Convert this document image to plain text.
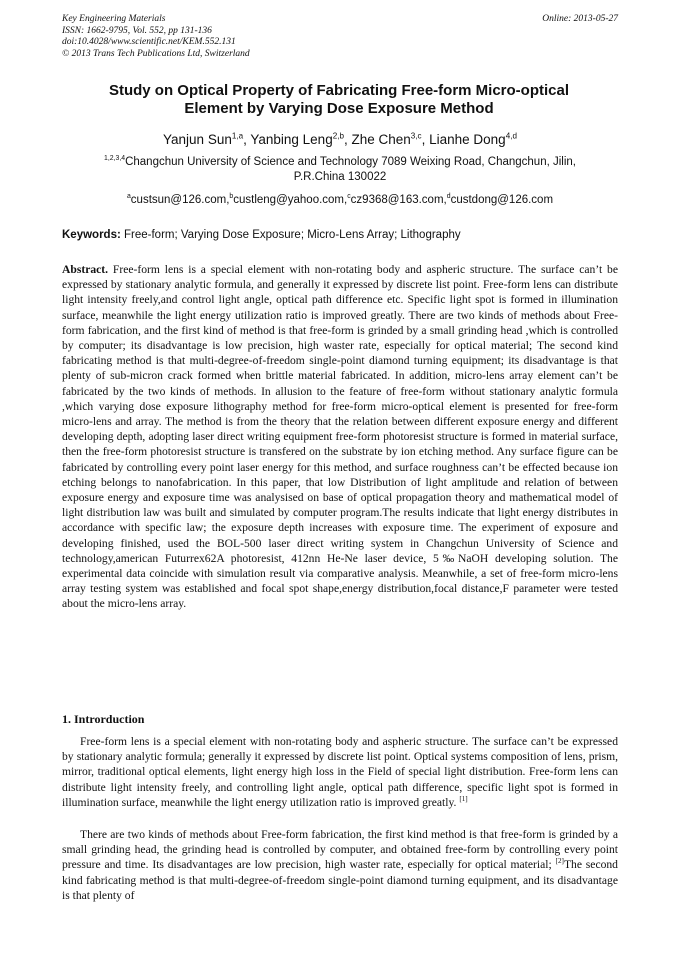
Key Engineering Materials
ISSN: 1662-9795, Vol. 552, pp 131-136
doi:10.4028/www.scientific.net/KEM.552.131
© 2013 Trans Tech Publications Ltd, Switzerland
Online: 2013-05-27
Study on Optical Property of Fabricating Free-form Micro-optical
Element by Varying Dose Exposure Method
Yanjun Sun$^{1,a}$, Yanbing Leng$^{2,b}$, Zhe Chen$^{3,c}$, Lianhe Dong$^{4,d}$
$^{1,2,3,4}$Changchun University of Science and Technology 7089 Weixing Road, Changchun, Jilin,
P.R.China 130022
$^a$custsun@126.com,$^b$custleng@yahoo.com,$^c$cz9368@163.com,$^d$custdong@126.com
Keywords: Free-form; Varying Dose Exposure; Micro-Lens Array; Lithography

Abstract. Free-form lens is a special element with non-rotating body and aspheric structure. The surface can’t be expressed by stationary analytic formula, and generally it expressed by discrete list point. Free-form lens can distribute light intensity freely,and control light angle, optical path difference etc. Specific light spot is formed in illumination surface, meanwhile the light energy utilization ratio is improved greatly. There are two kinds of methods about Free-form fabrication, and the first kind of method is that free-form is grinded by a small grinding head ,which is controlled by computer; its disadvantage is low precision, high waster rate, especially for optical material; The second kind fabricating method is that multi-degree-of-freedom single-point diamond turning equipment; its disadvantage is that plenty of sub-micron crack formed when brittle material fabricated. In addition, micro-lens array element can’t be fabricated by the two kinds of methods. In allusion to the feature of free-form without stationary analytic formula ,which varying dose exposure lithography method for free-form micro-optical element is presented for free-form micro-lens and array. The method is from the theory that the relation between different exposure energy and different developing depth, adopting laser direct writing equipment free-form photoresist structure is formed in material surface, then the free-form photoresist structure is transfered on the substrate by ion etching method. Any surface figure can be fabricated by controlling every point laser energy for this method, and surface roughness can’t be effected because ion etching belongs to nanofabrication. In this paper, that low Distribution of light amplitude and relation of between exposure energy and exposure time was analysised on base of optical propagation theory and mathematical model of light distribution law was built and simulated by computer program.The results indicate that light energy distributes in accordance with specific law; the exposure depth increases with exposure time. The experiment of exposure and developing finished, used the BOL-500 laser direct writing system in Changchun University of Science and technology,american Futurrex62A photoresist, 412nn He-Ne laser device, 5‰NaOH developing solution. The experimental data coincide with simulation result via comparative analysis. Meanwhile, a set of free-form micro-lens array testing system was established and focal spot shape,energy distribution,focal distance,F parameter were tested about the micro-lens array.

1. Introrduction

Free-form lens is a special element with non-rotating body and aspheric structure. The surface can’t be expressed by stationary analytic formula; generally it expressed by discrete list point. Optical systems composition of lens, prism, mirror, traditional optical elements, light energy high loss in the Field of special light distribution. Free-form lens can distribute light intensity freely, and controlling light angle, optical path difference, specific light spot is formed in illumination surface, meanwhile the light energy utilization ratio is improved greatly. [1]

There are two kinds of methods about Free-form fabrication, the first kind method is that free-form is grinded by a small grinding head, the grinding head is controlled by computer, and obtained free-form by controlling every point pressure and time. Its disadvantages are low precision, high waster rate, especially for optical material; [2]The second kind fabricating method is that multi-degree-of-freedom single-point diamond turning equipment, and its disadvantage is that plenty of
